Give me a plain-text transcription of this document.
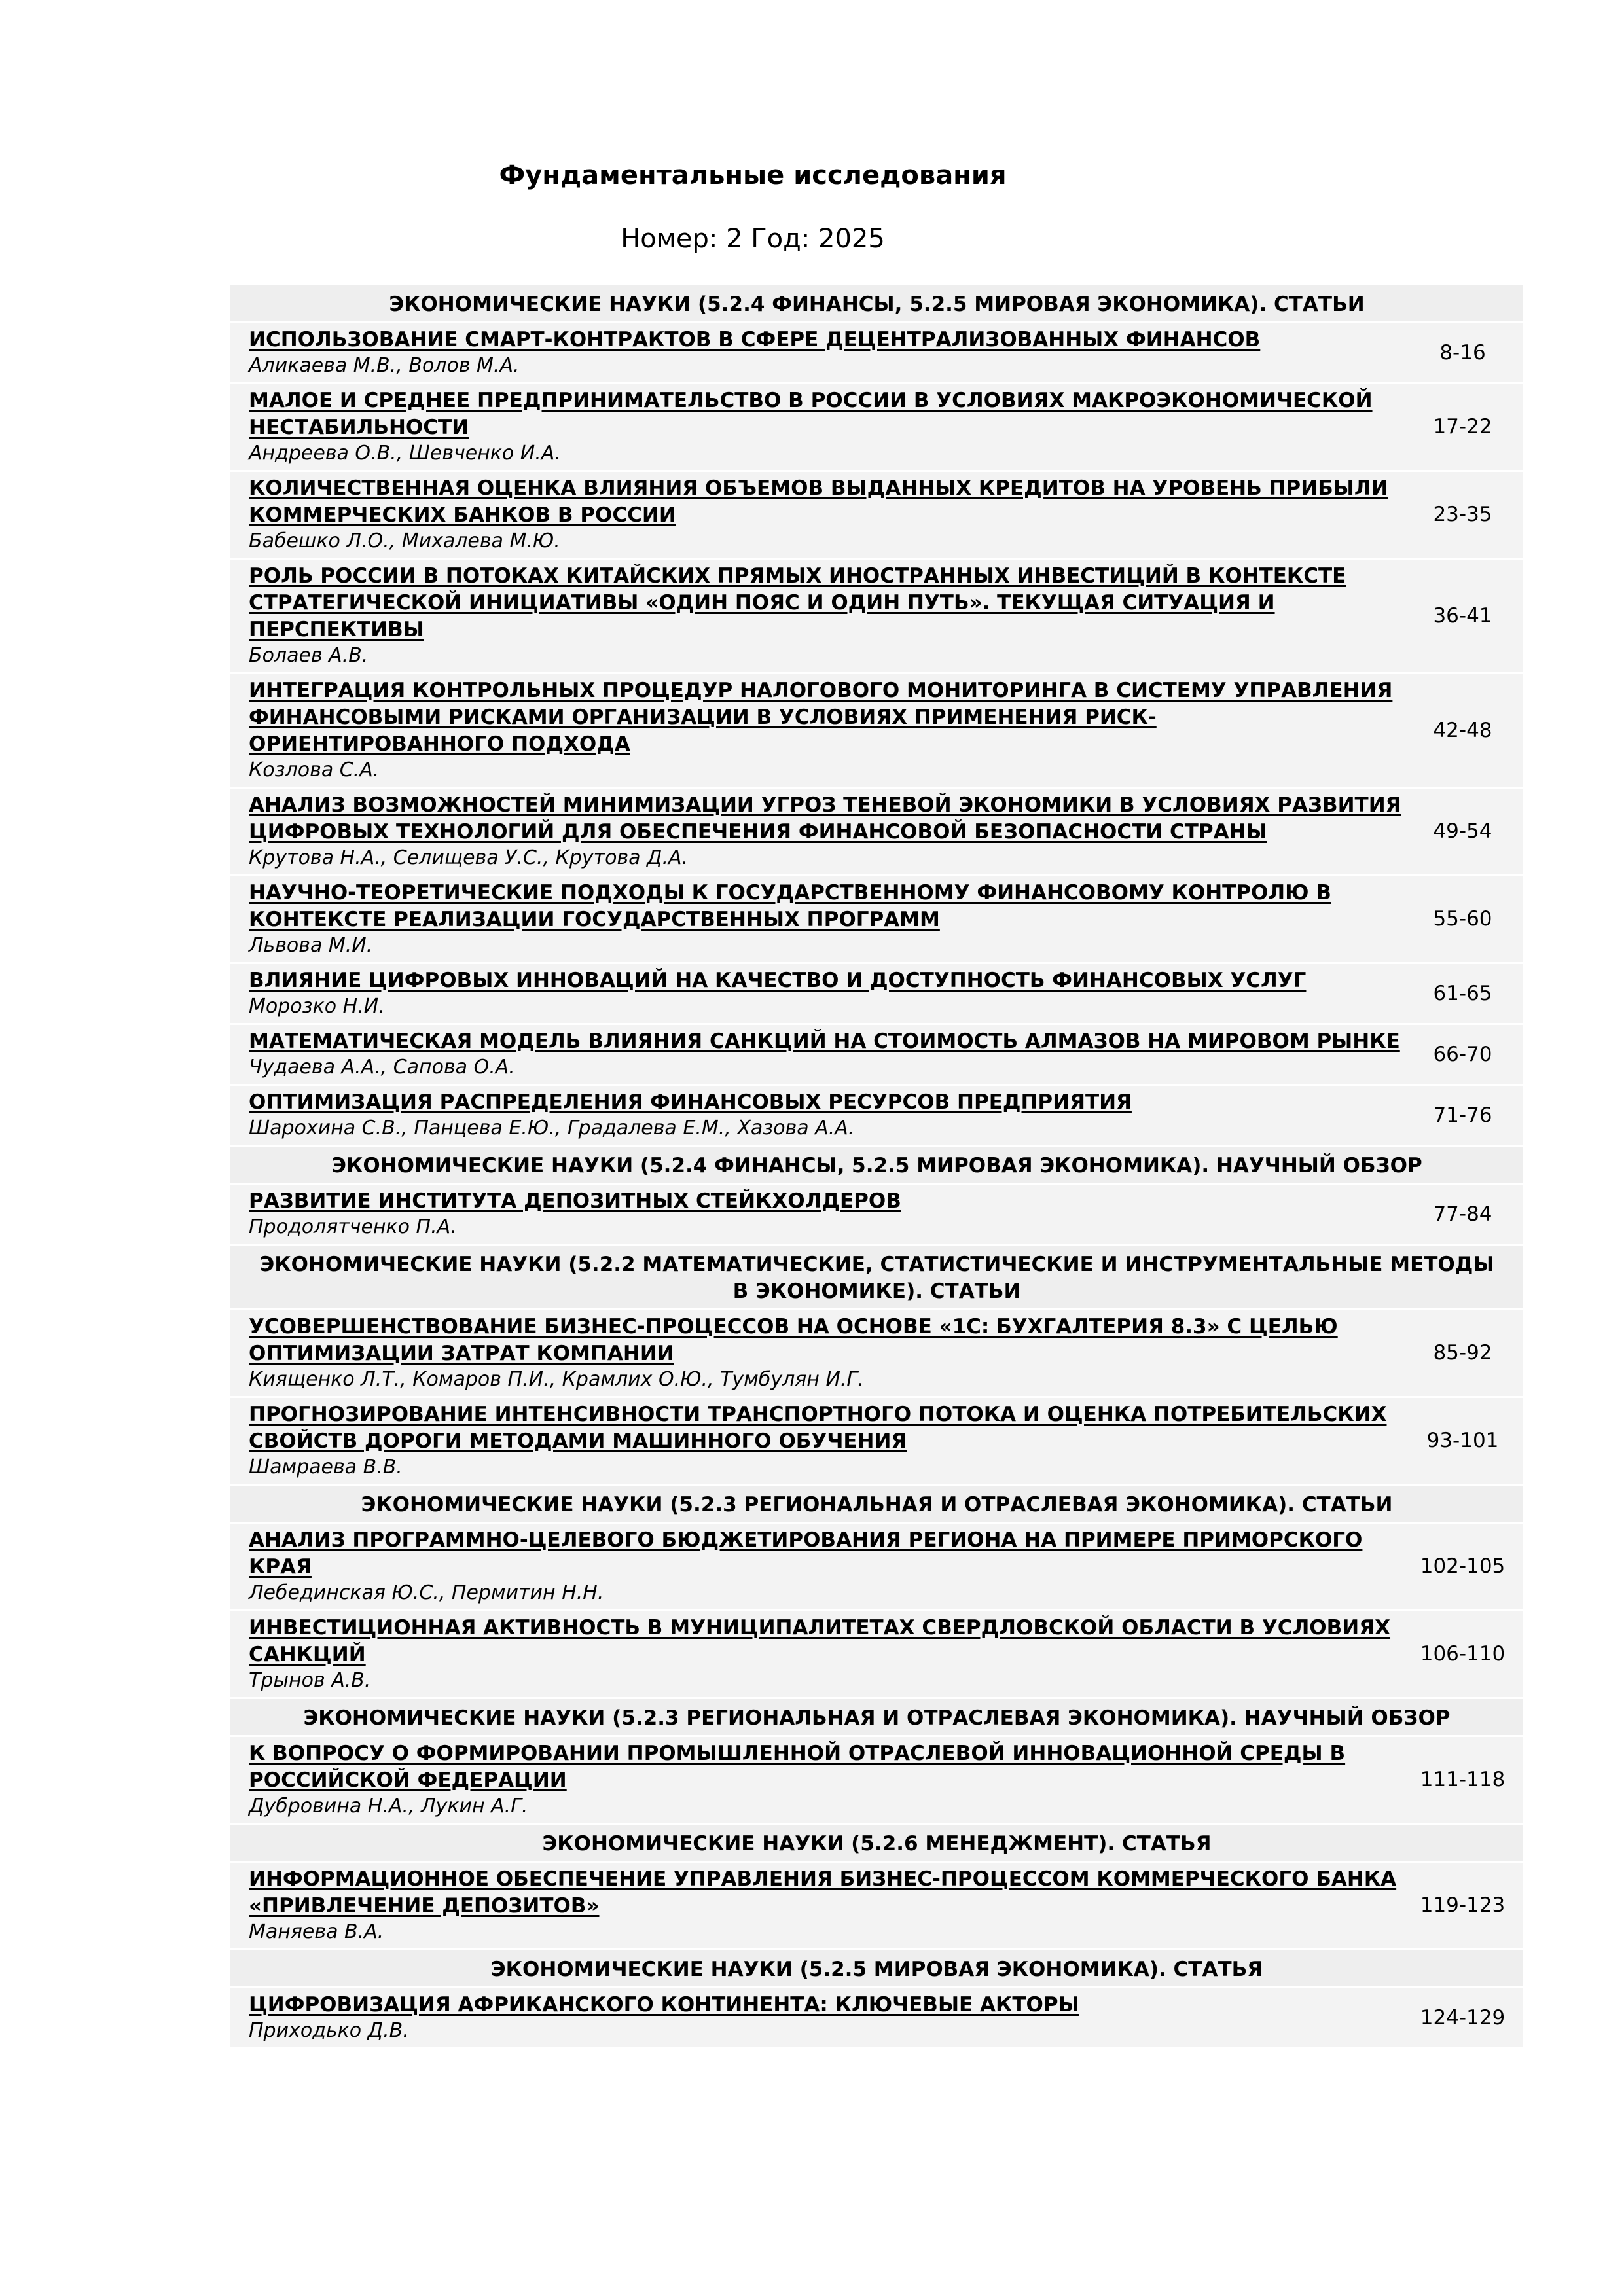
Фундаментальные исследования
Номер: 2 Год: 2025
ЭКОНОМИЧЕСКИЕ НАУКИ (5.2.4 ФИНАНСЫ, 5.2.5 МИРОВАЯ ЭКОНОМИКА). СТАТЬИ
ИСПОЛЬЗОВАНИЕ СМАРТ-КОНТРАКТОВ В СФЕРЕ ДЕЦЕНТРАЛИЗОВАННЫХ ФИНАНСОВ
Аликаева М.В., Волов М.А.
8-16
МАЛОЕ И СРЕДНЕЕ ПРЕДПРИНИМАТЕЛЬСТВО В РОССИИ В УСЛОВИЯХ МАКРОЭКОНОМИЧЕСКОЙ НЕСТАБИЛЬНОСТИ
Андреева О.В., Шевченко И.А.
17-22
КОЛИЧЕСТВЕННАЯ ОЦЕНКА ВЛИЯНИЯ ОБЪЕМОВ ВЫДАННЫХ КРЕДИТОВ НА УРОВЕНЬ ПРИБЫЛИ КОММЕРЧЕСКИХ БАНКОВ В РОССИИ
Бабешко Л.О., Михалева М.Ю.
23-35
РОЛЬ РОССИИ В ПОТОКАХ КИТАЙСКИХ ПРЯМЫХ ИНОСТРАННЫХ ИНВЕСТИЦИЙ В КОНТЕКСТЕ СТРАТЕГИЧЕСКОЙ ИНИЦИАТИВЫ «ОДИН ПОЯС И ОДИН ПУТЬ». ТЕКУЩАЯ СИТУАЦИЯ И ПЕРСПЕКТИВЫ
Болаев А.В.
36-41
ИНТЕГРАЦИЯ КОНТРОЛЬНЫХ ПРОЦЕДУР НАЛОГОВОГО МОНИТОРИНГА В СИСТЕМУ УПРАВЛЕНИЯ ФИНАНСОВЫМИ РИСКАМИ ОРГАНИЗАЦИИ В УСЛОВИЯХ ПРИМЕНЕНИЯ РИСК-ОРИЕНТИРОВАННОГО ПОДХОДА
Козлова С.А.
42-48
АНАЛИЗ ВОЗМОЖНОСТЕЙ МИНИМИЗАЦИИ УГРОЗ ТЕНЕВОЙ ЭКОНОМИКИ В УСЛОВИЯХ РАЗВИТИЯ ЦИФРОВЫХ ТЕХНОЛОГИЙ ДЛЯ ОБЕСПЕЧЕНИЯ ФИНАНСОВОЙ БЕЗОПАСНОСТИ СТРАНЫ
Крутова Н.А., Селищева У.С., Крутова Д.А.
49-54
НАУЧНО-ТЕОРЕТИЧЕСКИЕ ПОДХОДЫ К ГОСУДАРСТВЕННОМУ ФИНАНСОВОМУ КОНТРОЛЮ В КОНТЕКСТЕ РЕАЛИЗАЦИИ ГОСУДАРСТВЕННЫХ ПРОГРАММ
Львова М.И.
55-60
ВЛИЯНИЕ ЦИФРОВЫХ ИННОВАЦИЙ НА КАЧЕСТВО И ДОСТУПНОСТЬ ФИНАНСОВЫХ УСЛУГ
Морозко Н.И.
61-65
МАТЕМАТИЧЕСКАЯ МОДЕЛЬ ВЛИЯНИЯ САНКЦИЙ НА СТОИМОСТЬ АЛМАЗОВ НА МИРОВОМ РЫНКЕ
Чудаева А.А., Сапова О.А.
66-70
ОПТИМИЗАЦИЯ РАСПРЕДЕЛЕНИЯ ФИНАНСОВЫХ РЕСУРСОВ ПРЕДПРИЯТИЯ
Шарохина С.В., Панцева Е.Ю., Градалева Е.М., Хазова А.А.
71-76
ЭКОНОМИЧЕСКИЕ НАУКИ (5.2.4 ФИНАНСЫ, 5.2.5 МИРОВАЯ ЭКОНОМИКА). НАУЧНЫЙ ОБЗОР
РАЗВИТИЕ ИНСТИТУТА ДЕПОЗИТНЫХ СТЕЙКХОЛДЕРОВ
Продолятченко П.А.
77-84
ЭКОНОМИЧЕСКИЕ НАУКИ (5.2.2 МАТЕМАТИЧЕСКИЕ, СТАТИСТИЧЕСКИЕ И ИНСТРУМЕНТАЛЬНЫЕ МЕТОДЫ В ЭКОНОМИКЕ). СТАТЬИ
УСОВЕРШЕНСТВОВАНИЕ БИЗНЕС-ПРОЦЕССОВ НА ОСНОВЕ «1С: БУХГАЛТЕРИЯ 8.3» С ЦЕЛЬЮ ОПТИМИЗАЦИИ ЗАТРАТ КОМПАНИИ
Киященко Л.Т., Комаров П.И., Крамлих О.Ю., Тумбулян И.Г.
85-92
ПРОГНОЗИРОВАНИЕ ИНТЕНСИВНОСТИ ТРАНСПОРТНОГО ПОТОКА И ОЦЕНКА ПОТРЕБИТЕЛЬСКИХ СВОЙСТВ ДОРОГИ МЕТОДАМИ МАШИННОГО ОБУЧЕНИЯ
Шамраева В.В.
93-101
ЭКОНОМИЧЕСКИЕ НАУКИ (5.2.3 РЕГИОНАЛЬНАЯ И ОТРАСЛЕВАЯ ЭКОНОМИКА). СТАТЬИ
АНАЛИЗ ПРОГРАММНО-ЦЕЛЕВОГО БЮДЖЕТИРОВАНИЯ РЕГИОНА НА ПРИМЕРЕ ПРИМОРСКОГО КРАЯ
Лебединская Ю.С., Пермитин Н.Н.
102-105
ИНВЕСТИЦИОННАЯ АКТИВНОСТЬ В МУНИЦИПАЛИТЕТАХ СВЕРДЛОВСКОЙ ОБЛАСТИ В УСЛОВИЯХ САНКЦИЙ
Трынов А.В.
106-110
ЭКОНОМИЧЕСКИЕ НАУКИ (5.2.3 РЕГИОНАЛЬНАЯ И ОТРАСЛЕВАЯ ЭКОНОМИКА). НАУЧНЫЙ ОБЗОР
К ВОПРОСУ О ФОРМИРОВАНИИ ПРОМЫШЛЕННОЙ ОТРАСЛЕВОЙ ИННОВАЦИОННОЙ СРЕДЫ В РОССИЙСКОЙ ФЕДЕРАЦИИ
Дубровина Н.А., Лукин А.Г.
111-118
ЭКОНОМИЧЕСКИЕ НАУКИ (5.2.6 МЕНЕДЖМЕНТ). СТАТЬЯ
ИНФОРМАЦИОННОЕ ОБЕСПЕЧЕНИЕ УПРАВЛЕНИЯ БИЗНЕС-ПРОЦЕССОМ КОММЕРЧЕСКОГО БАНКА «ПРИВЛЕЧЕНИЕ ДЕПОЗИТОВ»
Маняева В.А.
119-123
ЭКОНОМИЧЕСКИЕ НАУКИ (5.2.5 МИРОВАЯ ЭКОНОМИКА). СТАТЬЯ
ЦИФРОВИЗАЦИЯ АФРИКАНСКОГО КОНТИНЕНТА: КЛЮЧЕВЫЕ АКТОРЫ
Приходько Д.В.
124-129
